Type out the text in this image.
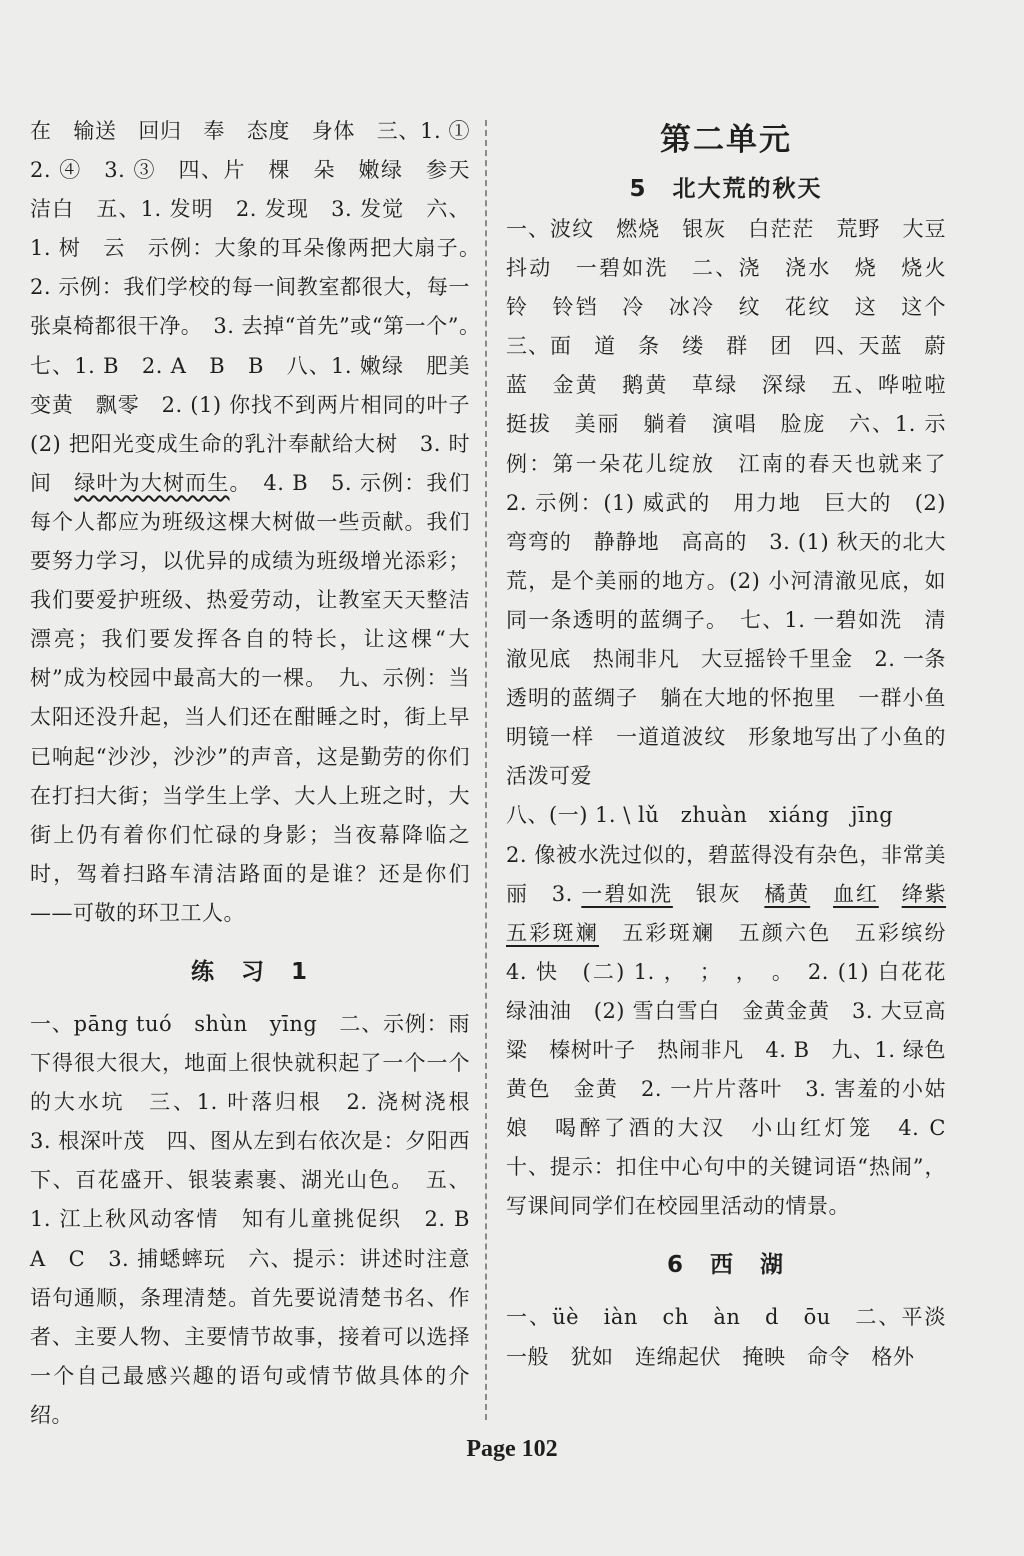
在　输送　回归　奉　态度　身体　三、1. ①　2. ④　3. ③　四、片　棵　朵　嫩绿　参天　洁白　五、1. 发明　2. 发现　3. 发觉　六、1. 树　云　示例：大象的耳朵像两把大扇子。　2. 示例：我们学校的每一间教室都很大，每一张桌椅都很干净。　3. 去掉“首先”或“第一个”。　七、1. B　2. A　B　B　八、1. 嫩绿　肥美　变黄　飘零　2. (1) 你找不到两片相同的叶子　(2) 把阳光变成生命的乳汁奉献给大树　3. 时间　绿叶为大树而生。　4. B　5. 示例：我们每个人都应为班级这棵大树做一些贡献。我们要努力学习，以优异的成绩为班级增光添彩；我们要爱护班级、热爱劳动，让教室天天整洁漂亮；我们要发挥各自的特长，让这棵“大树”成为校园中最高大的一棵。　九、示例：当太阳还没升起，当人们还在酣睡之时，街上早已响起“沙沙，沙沙”的声音，这是勤劳的你们在打扫大街；当学生上学、大人上班之时，大街上仍有着你们忙碌的身影；当夜幕降临之时，驾着扫路车清洁路面的是谁？还是你们——可敬的环卫工人。

练　习　1

一、pāng tuó　shùn　yīng　二、示例：雨下得很大很大，地面上很快就积起了一个一个的大水坑　三、1. 叶落归根　2. 浇树浇根　3. 根深叶茂　四、图从左到右依次是：夕阳西下、百花盛开、银装素裹、湖光山色。　五、1. 江上秋风动客情　知有儿童挑促织　2. B　A　C　3. 捕蟋蟀玩　六、提示：讲述时注意语句通顺，条理清楚。首先要说清楚书名、作者、主要人物、主要情节故事，接着可以选择一个自己最感兴趣的语句或情节做具体的介绍。

第二单元

5　北大荒的秋天

一、波纹　燃烧　银灰　白茫茫　荒野　大豆　抖动　一碧如洗　二、浇　浇水　烧　烧火　铃　铃铛　冷　冰冷　纹　花纹　这　这个　三、面　道　条　缕　群　团　四、天蓝　蔚蓝　金黄　鹅黄　草绿　深绿　五、哗啦啦　挺拔　美丽　躺着　演唱　脸庞　六、1. 示例：第一朵花儿绽放　江南的春天也就来了　2. 示例：(1) 威武的　用力地　巨大的　(2) 弯弯的　静静地　高高的　3. (1) 秋天的北大荒，是个美丽的地方。(2) 小河清澈见底，如同一条透明的蓝绸子。　七、1. 一碧如洗　清澈见底　热闹非凡　大豆摇铃千里金　2. 一条透明的蓝绸子　躺在大地的怀抱里　一群小鱼　明镜一样　一道道波纹　形象地写出了小鱼的活泼可爱

八、(一) 1. \ lǔ　zhuàn　xiáng　jīng

2. 像被水洗过似的，碧蓝得没有杂色，非常美丽　3. 一碧如洗　银灰　橘黄　 血红　 绛紫　五彩斑斓　五彩斑斓　五颜六色　五彩缤纷　4. 快　(二) 1. ，　；　，　。　2. (1) 白花花　绿油油　(2) 雪白雪白　金黄金黄　3. 大豆高粱　榛树叶子　热闹非凡　4. B　九、1. 绿色　黄色　金黄　2. 一片片落叶　3. 害羞的小姑娘　喝醉了酒的大汉　小山红灯笼　4. C　十、提示：扣住中心句中的关键词语“热闹”，写课间同学们在校园里活动的情景。

6　西　湖

一、üè　iàn　ch　àn　d　ōu　二、平淡　一般　犹如　连绵起伏　掩映　命令　格外

Page 102
